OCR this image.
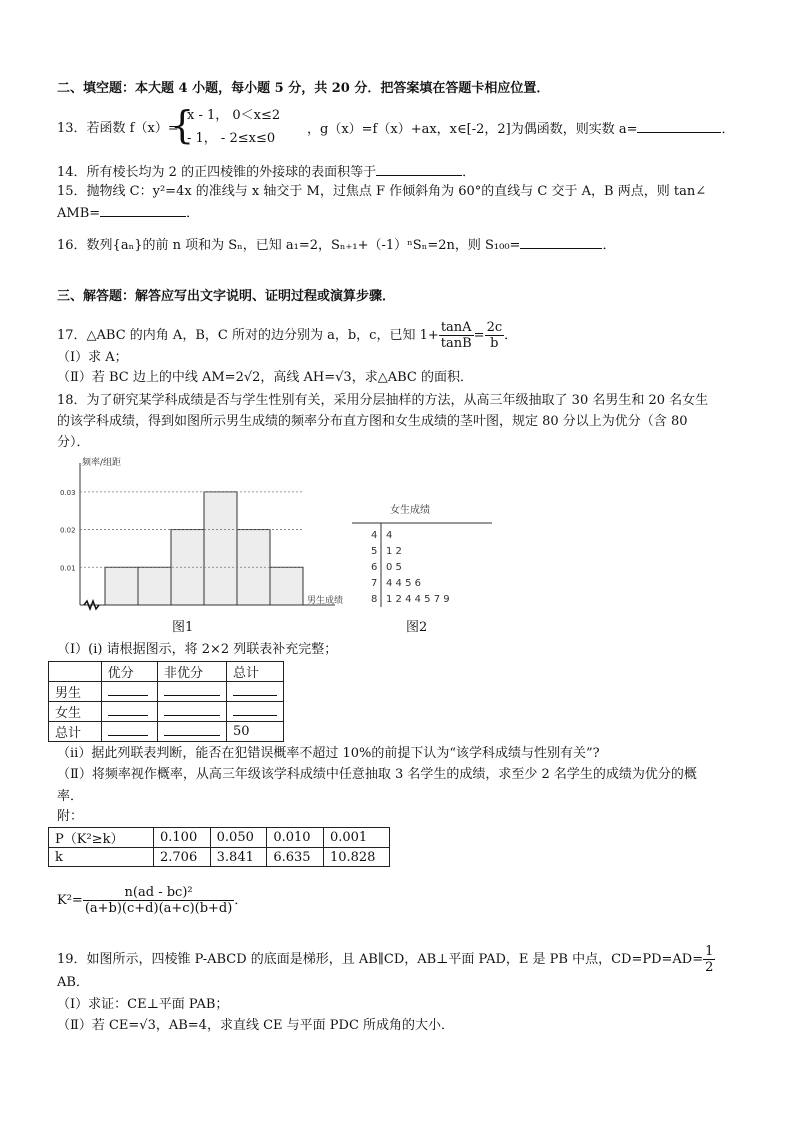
二、填空题：本大题 4 小题，每小题 5 分，共 20 分．把答案填在答题卡相应位置．
13．若函数 f（x）=
{
x - 1， 0＜x≤2
- 1， - 2≤x≤0
，g（x）=f（x）+ax，x∈[-2，2]为偶函数，则实数 a=	．
14．所有棱长均为 2 的正四棱锥的外接球的表面积等于	．
15．抛物线 C：y²=4x 的准线与 x 轴交于 M，过焦点 F 作倾斜角为 60°的直线与 C 交于 A，B 两点，则 tan∠
AMB=	．
16．数列{aₙ}的前 n 项和为 Sₙ，已知 a₁=2，Sₙ₊₁+（-1）ⁿSₙ=2n，则 S₁₀₀=	．
三、解答题：解答应写出文字说明、证明过程或演算步骤．
17．△ABC 的内角 A，B，C 所对的边分别为 a，b，c，已知 $1+ \frac{\tan A}{\tan B} = \frac{2c}{b}$ ．
（I）求 A；
（Ⅱ）若 BC 边上的中线 AM=2√2，高线 AH=√3，求△ABC 的面积．
18．为了研究某学科成绩是否与学生性别有关，采用分层抽样的方法，从高三年级抽取了 30 名男生和 20 名女生
的该学科成绩，得到如图所示男生成绩的频率分布直方图和女生成绩的茎叶图，规定 80 分以上为优分（含 80
分）．
频率/组距
0.01
0.02
0.03
男生成绩
图1
女生成绩
4 4
5 1 2
6 0 5
7 4 4 5 6
8 1 2 4 4 5 7 9
图2
（Ⅰ）(i) 请根据图示，将 2×2 列联表补充完整；
	优分	非优分	总计
男生			
女生			
总计			50
（ii）据此列联表判断，能否在犯错误概率不超过 10%的前提下认为“该学科成绩与性别有关”?
（Ⅱ）将频率视作概率，从高三年级该学科成绩中任意抽取 3 名学生的成绩，求至少 2 名学生的成绩为优分的概
率．
附：
P（K²≥k）	0.100	0.050	0.010	0.001
k	2.706	3.841	6.635	10.828
$K^2= \frac{\text{n(ad - bc)²}}{(a+b)(c+d)(a+c)(b+d)}$ ．
19．如图所示，四棱锥 P-ABCD 的底面是梯形，且 AB∥CD，AB⊥平面 PAD，E 是 PB 中点，$CD=PD=AD= \frac{1}{2}$
AB．
（Ⅰ）求证：CE⊥平面 PAB；
（Ⅱ）若 CE=√3，AB=4，求直线 CE 与平面 PDC 所成角的大小．
